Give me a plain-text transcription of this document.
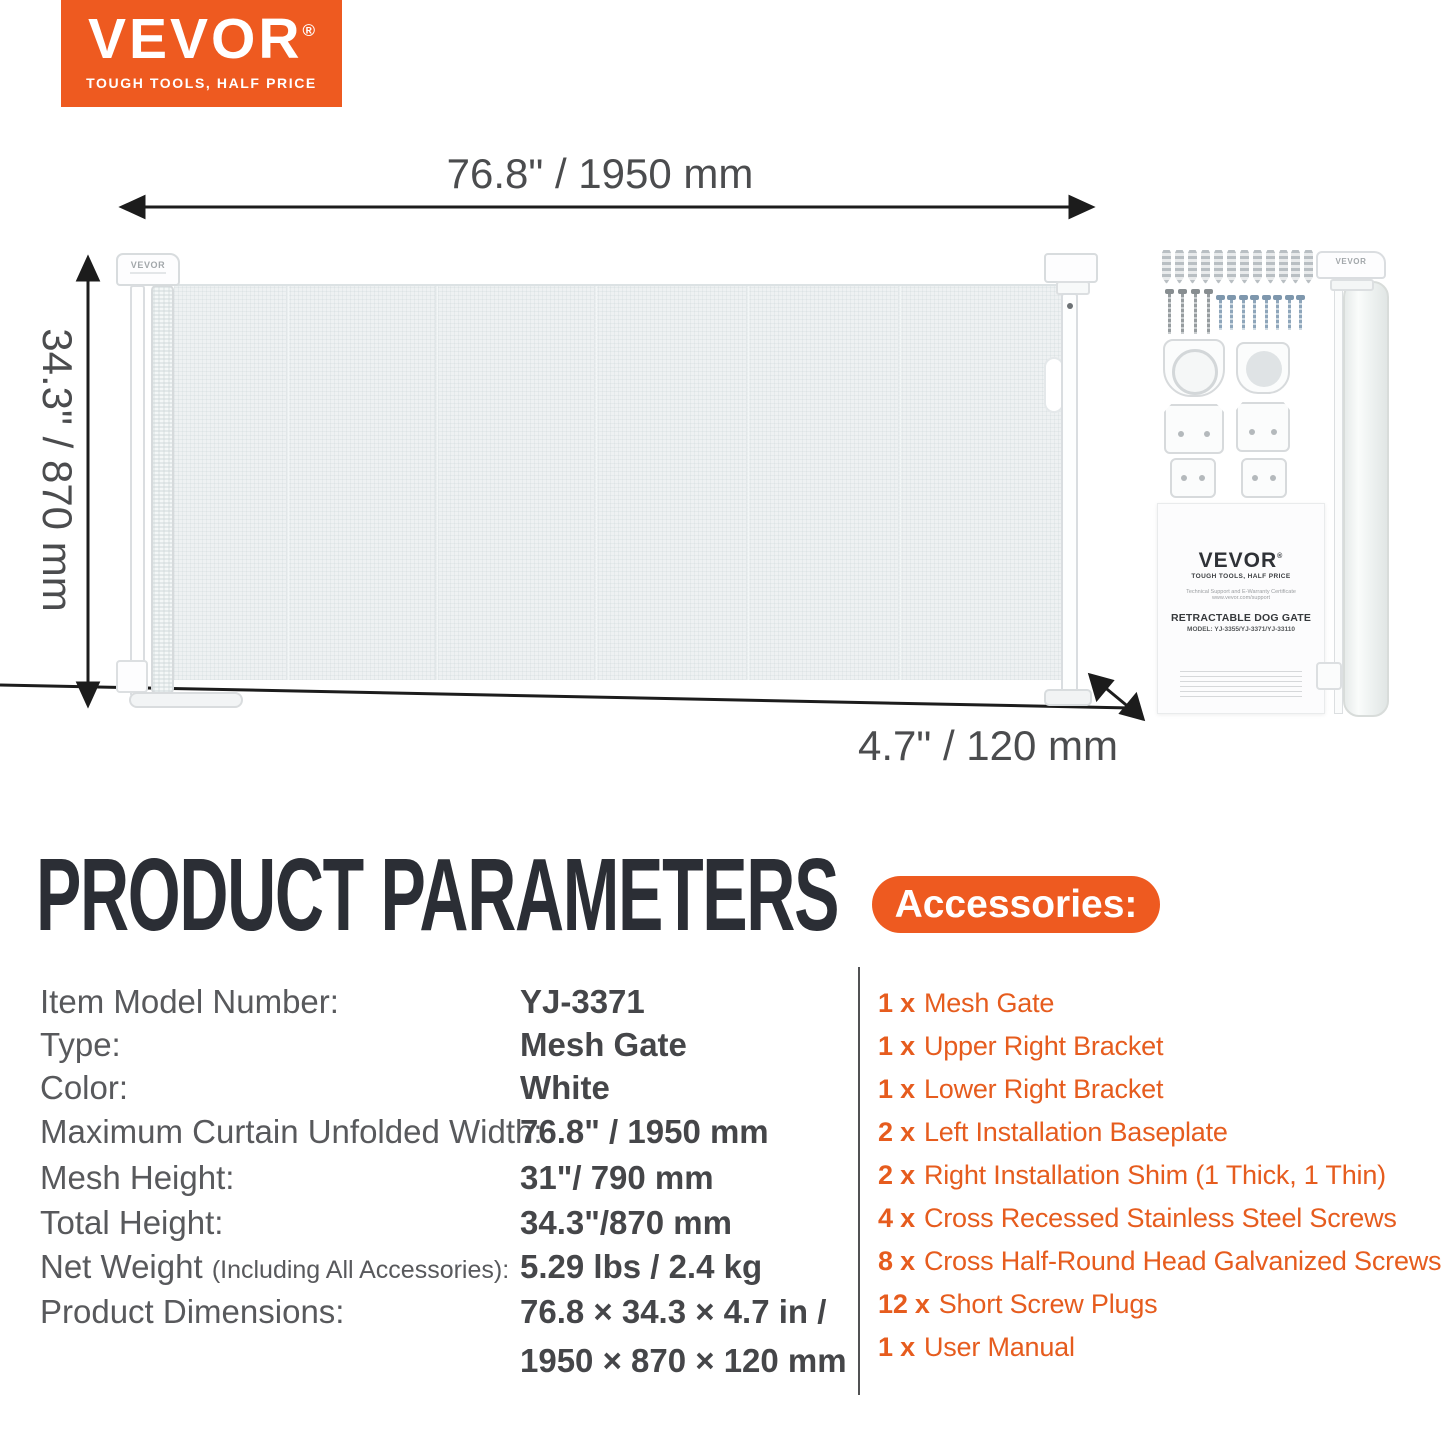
VEVOR®
TOUGH TOOLS, HALF PRICE
76.8" / 1950 mm
34.3" / 870 mm
4.7" / 120 mm
VEVOR
VEVOR®
TOUGH TOOLS, HALF PRICE
Technical Support and E-Warranty Certificate www.vevor.com/support
RETRACTABLE DOG GATE
MODEL: YJ-3355/YJ-3371/YJ-33110
VEVOR
PRODUCT PARAMETERS
Item Model Number:	YJ-3371
Type:	Mesh Gate
Color:	White
Maximum Curtain Unfolded Width:
76.8" / 1950 mm
Mesh Height:	31"/ 790 mm
Total Height:	34.3"/870 mm
Net Weight (Including All Accessories): 5.29 lbs / 2.4 kg
Product Dimensions:	76.8 × 34.3 × 4.7 in /
1950 × 870 × 120 mm
Accessories:
1 x Mesh Gate
1 x Upper Right Bracket
1 x Lower Right Bracket
2 x Left Installation Baseplate
2 x Right Installation Shim (1 Thick, 1 Thin)
4 x Cross Recessed Stainless Steel Screws
8 x Cross Half-Round Head Galvanized Screws
12 x Short Screw Plugs
1 x User Manual
